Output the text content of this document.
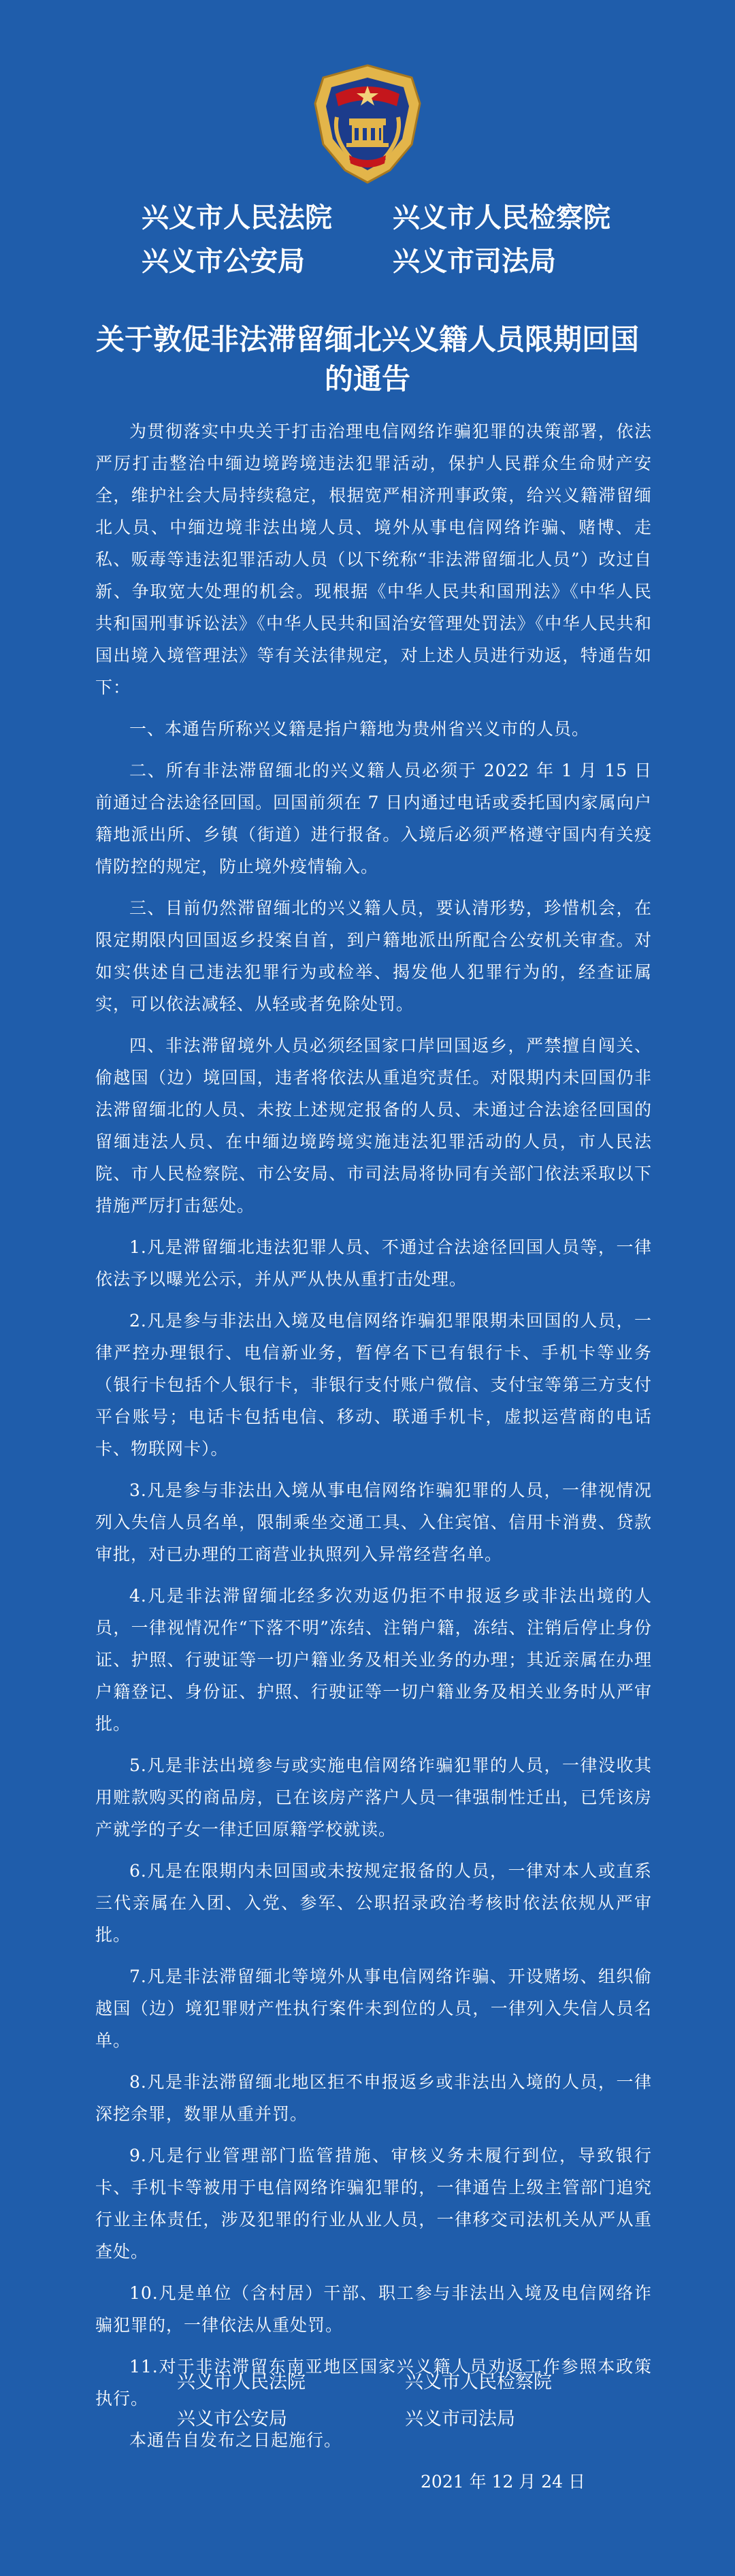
兴义市人民法院	兴义市人民检察院
兴义市公安局	兴义市司法局
关于敦促非法滞留缅北兴义籍人员限期回国
的通告

为贯彻落实中央关于打击治理电信网络诈骗犯罪的决策部署，依法严厉打击整治中缅边境跨境违法犯罪活动，保护人民群众生命财产安全，维护社会大局持续稳定，根据宽严相济刑事政策，给兴义籍滞留缅北人员、中缅边境非法出境人员、境外从事电信网络诈骗、赌博、走私、贩毒等违法犯罪活动人员（以下统称“非法滞留缅北人员”）改过自新、争取宽大处理的机会。现根据《中华人民共和国刑法》《中华人民共和国刑事诉讼法》《中华人民共和国治安管理处罚法》《中华人民共和国出境入境管理法》等有关法律规定，对上述人员进行劝返，特通告如下：

一、本通告所称兴义籍是指户籍地为贵州省兴义市的人员。

二、所有非法滞留缅北的兴义籍人员必须于 2022 年 1 月 15 日前通过合法途径回国。回国前须在 7 日内通过电话或委托国内家属向户籍地派出所、乡镇（街道）进行报备。入境后必须严格遵守国内有关疫情防控的规定，防止境外疫情输入。

三、目前仍然滞留缅北的兴义籍人员，要认清形势，珍惜机会，在限定期限内回国返乡投案自首，到户籍地派出所配合公安机关审查。对如实供述自己违法犯罪行为或检举、揭发他人犯罪行为的，经查证属实，可以依法减轻、从轻或者免除处罚。

四、非法滞留境外人员必须经国家口岸回国返乡，严禁擅自闯关、偷越国（边）境回国，违者将依法从重追究责任。对限期内未回国仍非法滞留缅北的人员、未按上述规定报备的人员、未通过合法途径回国的留缅违法人员、在中缅边境跨境实施违法犯罪活动的人员，市人民法院、市人民检察院、市公安局、市司法局将协同有关部门依法采取以下措施严厉打击惩处。

1.凡是滞留缅北违法犯罪人员、不通过合法途径回国人员等，一律依法予以曝光公示，并从严从快从重打击处理。

2.凡是参与非法出入境及电信网络诈骗犯罪限期未回国的人员，一律严控办理银行、电信新业务，暂停名下已有银行卡、手机卡等业务（银行卡包括个人银行卡，非银行支付账户微信、支付宝等第三方支付平台账号；电话卡包括电信、移动、联通手机卡，虚拟运营商的电话卡、物联网卡）。

3.凡是参与非法出入境从事电信网络诈骗犯罪的人员，一律视情况列入失信人员名单，限制乘坐交通工具、入住宾馆、信用卡消费、贷款审批，对已办理的工商营业执照列入异常经营名单。

4.凡是非法滞留缅北经多次劝返仍拒不申报返乡或非法出境的人员，一律视情况作“下落不明”冻结、注销户籍，冻结、注销后停止身份证、护照、行驶证等一切户籍业务及相关业务的办理；其近亲属在办理户籍登记、身份证、护照、行驶证等一切户籍业务及相关业务时从严审批。

5.凡是非法出境参与或实施电信网络诈骗犯罪的人员，一律没收其用赃款购买的商品房，已在该房产落户人员一律强制性迁出，已凭该房产就学的子女一律迁回原籍学校就读。

6.凡是在限期内未回国或未按规定报备的人员，一律对本人或直系三代亲属在入团、入党、参军、公职招录政治考核时依法依规从严审批。

7.凡是非法滞留缅北等境外从事电信网络诈骗、开设赌场、组织偷越国（边）境犯罪财产性执行案件未到位的人员，一律列入失信人员名单。

8.凡是非法滞留缅北地区拒不申报返乡或非法出入境的人员，一律深挖余罪，数罪从重并罚。

9.凡是行业管理部门监管措施、审核义务未履行到位，导致银行卡、手机卡等被用于电信网络诈骗犯罪的，一律通告上级主管部门追究行业主体责任，涉及犯罪的行业从业人员，一律移交司法机关从严从重查处。

10.凡是单位（含村居）干部、职工参与非法出入境及电信网络诈骗犯罪的，一律依法从重处罚。

11.对于非法滞留东南亚地区国家兴义籍人员劝返工作参照本政策执行。

本通告自发布之日起施行。

兴义市人民法院	兴义市人民检察院
兴义市公安局	兴义市司法局
2021 年 12 月 24 日
